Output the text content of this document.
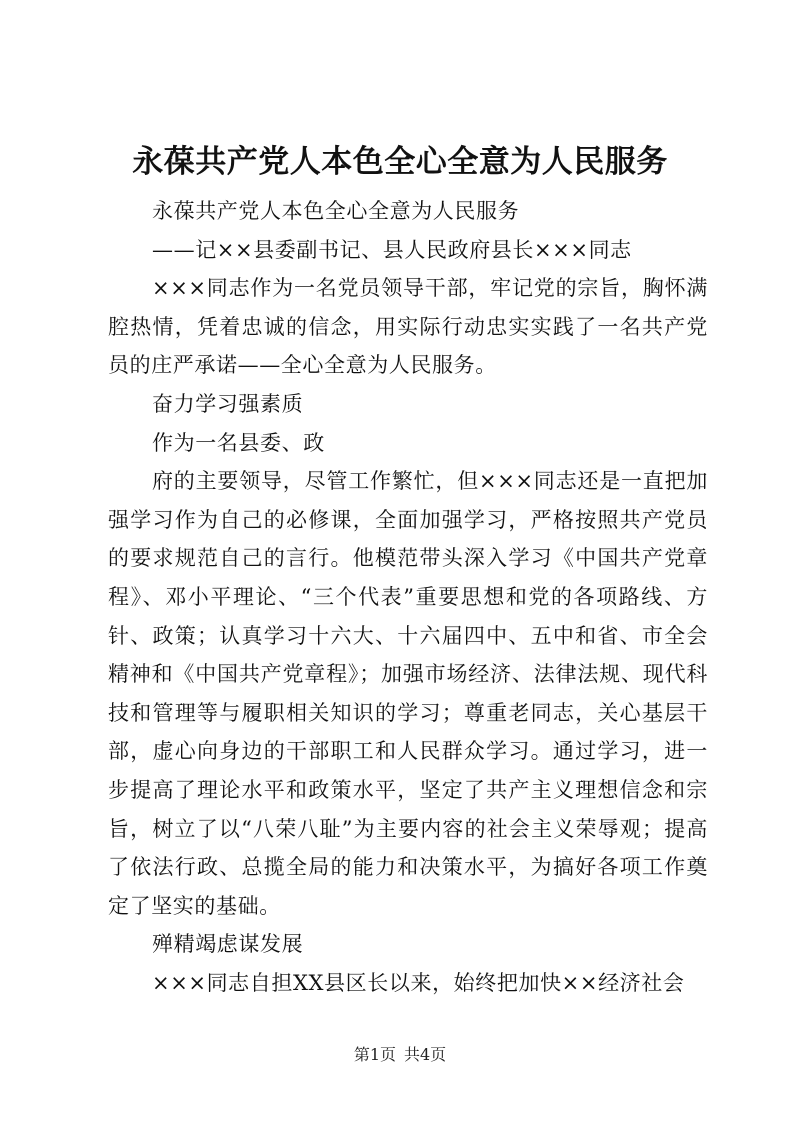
永葆共产党人本色全心全意为人民服务

永葆共产党人本色全心全意为人民服务

——记××县委副书记、县人民政府县长×××同志

×××同志作为一名党员领导干部，牢记党的宗旨，胸怀满腔热情，凭着忠诚的信念，用实际行动忠实实践了一名共产党员的庄严承诺——全心全意为人民服务。

奋力学习强素质

作为一名县委、政

府的主要领导，尽管工作繁忙，但×××同志还是一直把加强学习作为自己的必修课，全面加强学习，严格按照共产党员的要求规范自己的言行。他模范带头深入学习《中国共产党章程》、邓小平理论、“三个代表”重要思想和党的各项路线、方针、政策；认真学习十六大、十六届四中、五中和省、市全会精神和《中国共产党章程》；加强市场经济、法律法规、现代科技和管理等与履职相关知识的学习；尊重老同志，关心基层干部，虚心向身边的干部职工和人民群众学习。通过学习，进一步提高了理论水平和政策水平，坚定了共产主义理想信念和宗旨，树立了以“八荣八耻”为主要内容的社会主义荣辱观；提高了依法行政、总揽全局的能力和决策水平，为搞好各项工作奠定了坚实的基础。

殚精竭虑谋发展

×××同志自担XX县区长以来，始终把加快××经济社会

第1页 共4页
